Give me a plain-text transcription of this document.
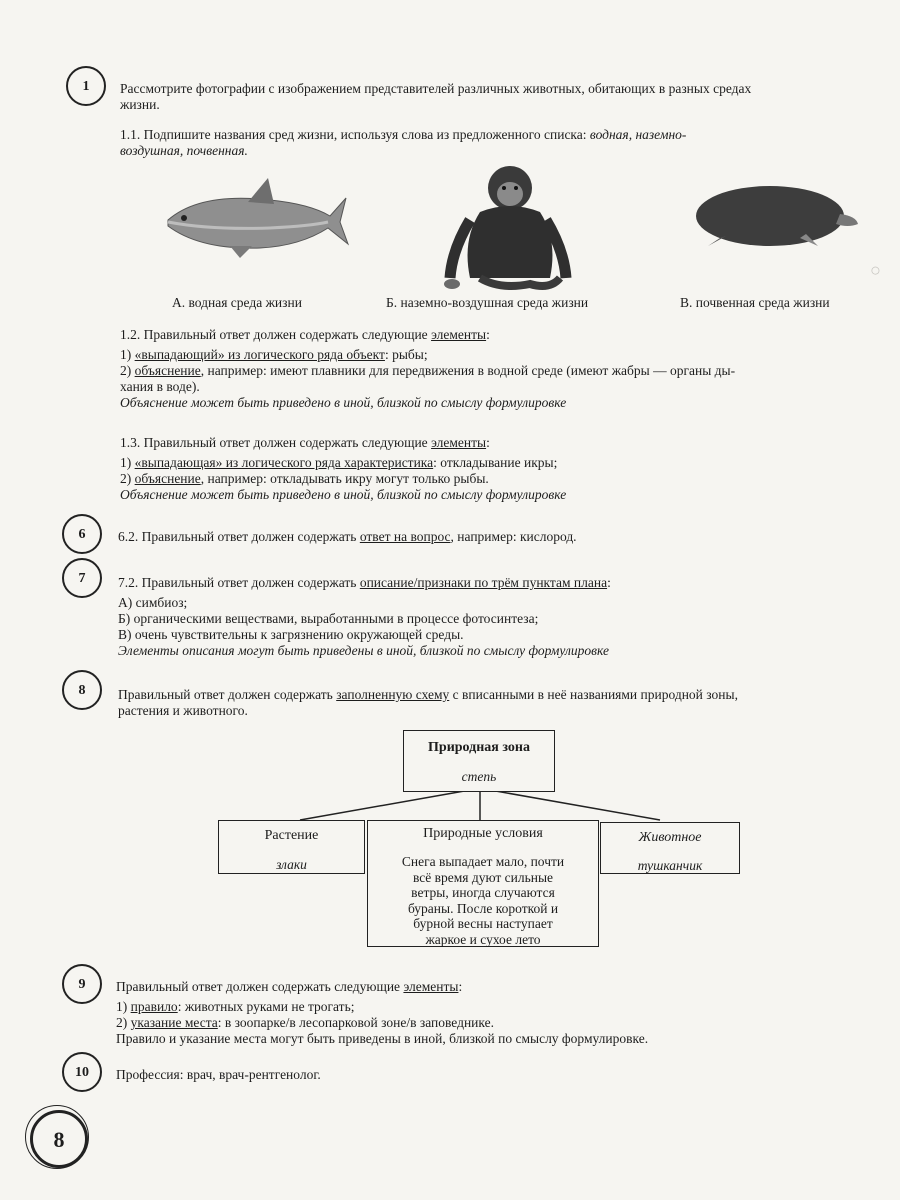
○
1	Рассмотрите фотографии с изображением представителей различных животных, обитающих в разных средах
жизни.
1.1. Подпишите названия сред жизни, используя слова из предложенного списка: водная, наземно-
воздушная, почвенная.
А. водная среда жизни	Б. наземно-воздушная среда жизни	В. почвенная среда жизни
1.2. Правильный ответ должен содержать следующие элементы:
1) «выпадающий» из логического ряда объект: рыбы;
2) объяснение, например: имеют плавники для передвижения в водной среде (имеют жабры — органы ды-
хания в воде).
Объяснение может быть приведено в иной, близкой по смыслу формулировке
1.3. Правильный ответ должен содержать следующие элементы:
1) «выпадающая» из логического ряда характеристика: откладывание икры;
2) объяснение, например: откладывать икру могут только рыбы.
Объяснение может быть приведено в иной, близкой по смыслу формулировке
6	6.2. Правильный ответ должен содержать ответ на вопрос, например: кислород.
7	7.2. Правильный ответ должен содержать описание/признаки по трём пунктам плана:
А) симбиоз;
Б) органическими веществами, выработанными в процессе фотосинтеза;
В) очень чувствительны к загрязнению окружающей среды.
Элементы описания могут быть приведены в иной, близкой по смыслу формулировке
8	Правильный ответ должен содержать заполненную схему с вписанными в неё названиями природной зоны,
растения и животного.
Природная зона
степь
Растение
злаки
Природные условия
Снега выпадает мало, почти
всё время дуют сильные
ветры, иногда случаются
бураны. После короткой и
бурной весны наступает
жаркое и сухое лето
Животное
тушканчик
9	Правильный ответ должен содержать следующие элементы:
1) правило: животных руками не трогать;
2) указание места: в зоопарке/в лесопарковой зоне/в заповеднике.
Правило и указание места могут быть приведены в иной, близкой по смыслу формулировке.
10	Профессия: врач, врач-рентгенолог.
8
